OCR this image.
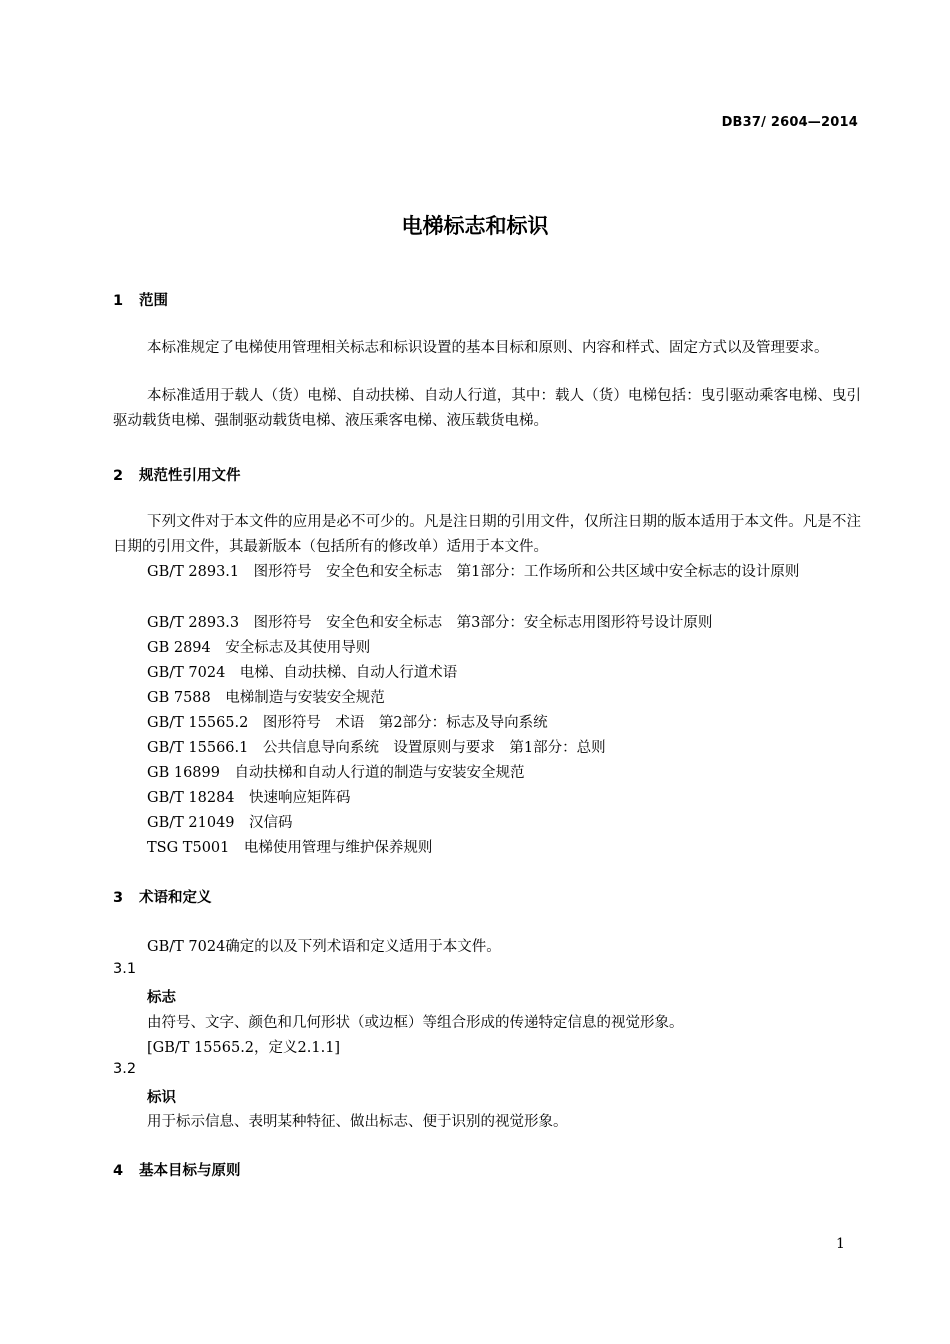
DB37/ 2604—2014
电梯标志和标识
1 范围
本标准规定了电梯使用管理相关标志和标识设置的基本目标和原则、内容和样式、固定方式以及管理要求。
本标准适用于载人（货）电梯、自动扶梯、自动人行道，其中：载人（货）电梯包括：曳引驱动乘客电梯、曳引驱动载货电梯、强制驱动载货电梯、液压乘客电梯、液压载货电梯。
2 规范性引用文件
下列文件对于本文件的应用是必不可少的。凡是注日期的引用文件，仅所注日期的版本适用于本文件。凡是不注日期的引用文件，其最新版本（包括所有的修改单）适用于本文件。
GB/T 2893.1　图形符号　安全色和安全标志　第1部分：工作场所和公共区域中安全标志的设计原则
GB/T 2893.3　图形符号　安全色和安全标志　第3部分：安全标志用图形符号设计原则
GB 2894　安全标志及其使用导则
GB/T 7024　电梯、自动扶梯、自动人行道术语
GB 7588　电梯制造与安装安全规范
GB/T 15565.2　图形符号　术语　第2部分：标志及导向系统
GB/T 15566.1　公共信息导向系统　设置原则与要求　第1部分：总则
GB 16899　自动扶梯和自动人行道的制造与安装安全规范
GB/T 18284　快速响应矩阵码
GB/T 21049　汉信码
TSG T5001　电梯使用管理与维护保养规则
3 术语和定义
GB/T 7024确定的以及下列术语和定义适用于本文件。
3.1
标志
由符号、文字、颜色和几何形状（或边框）等组合形成的传递特定信息的视觉形象。
[GB/T 15565.2，定义2.1.1]
3.2
标识
用于标示信息、表明某种特征、做出标志、便于识别的视觉形象。
4 基本目标与原则
1
